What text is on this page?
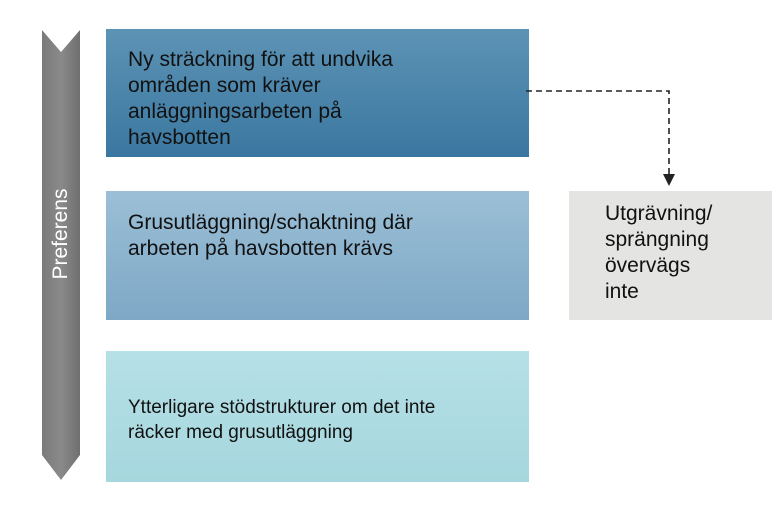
Preferens
Ny sträckning för att undvika
områden som kräver
anläggningsarbeten på
havsbotten
Grusutläggning/schaktning där
arbeten på havsbotten krävs
Ytterligare stödstrukturer om det inte
räcker med grusutläggning
Utgrävning/
sprängning
övervägs
inte
